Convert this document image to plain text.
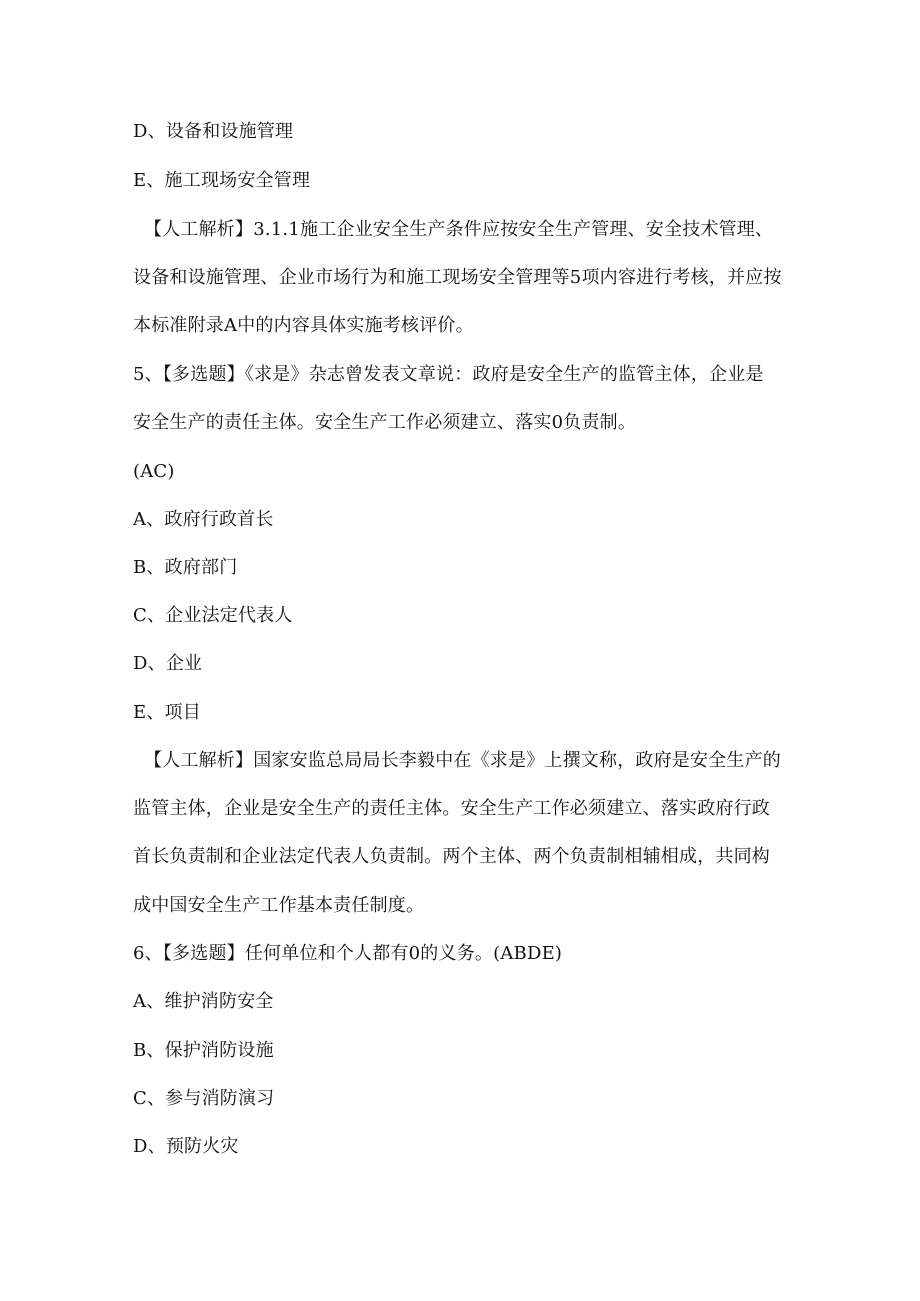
D、设备和设施管理
E、施工现场安全管理
【人工解析】3.1.1施工企业安全生产条件应按安全生产管理、安全技术管理、
设备和设施管理、企业市场行为和施工现场安全管理等5项内容进行考核，并应按
本标准附录A中的内容具体实施考核评价。
5、【多选题】《求是》杂志曾发表文章说：政府是安全生产的监管主体，企业是
安全生产的责任主体。安全生产工作必须建立、落实0负责制。
(AC)
A、政府行政首长
B、政府部门
C、企业法定代表人
D、企业
E、项目
【人工解析】国家安监总局局长李毅中在《求是》上撰文称，政府是安全生产的
监管主体，企业是安全生产的责任主体。安全生产工作必须建立、落实政府行政
首长负责制和企业法定代表人负责制。两个主体、两个负责制相辅相成，共同构
成中国安全生产工作基本责任制度。
6、【多选题】任何单位和个人都有0的义务。(ABDE)
A、维护消防安全
B、保护消防设施
C、参与消防演习
D、预防火灾
